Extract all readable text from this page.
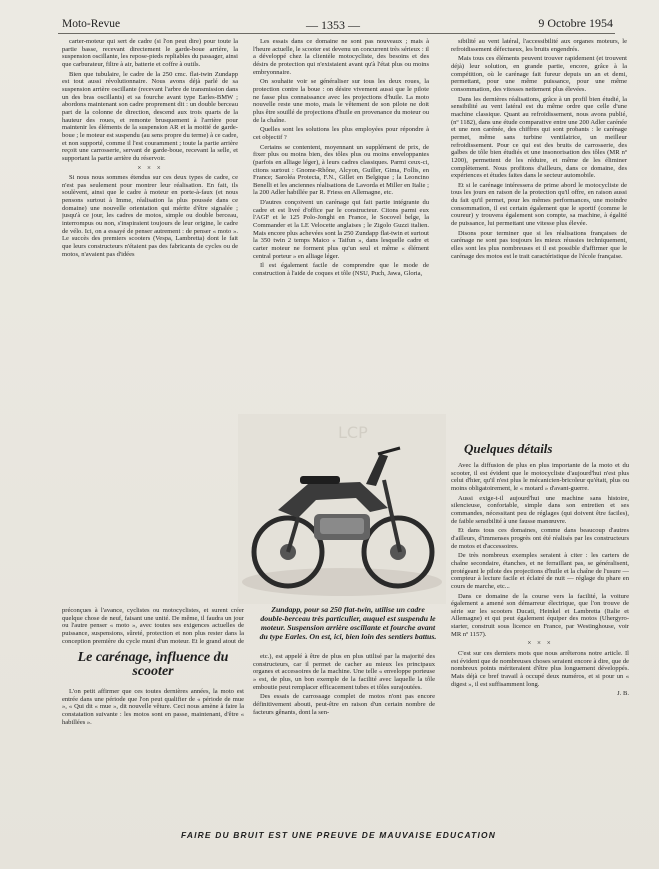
Moto-Revue	— 1353 —	9 Octobre 1954

carter-moteur qui sert de cadre (si l'on peut dire) pour toute la partie basse, recevant directement le garde-boue arrière, la suspension oscillante, les repose-pieds repliables du passager, ainsi que carburateur, filtre à air, batterie et coffre à outils.

Bien que tubulaire, le cadre de la 250 cmc. flat-twin Zundapp est tout aussi révolutionnaire. Nous avons déjà parlé de sa suspension arrière oscillante (recevant l'arbre de transmission dans un des bras oscillants) et sa fourche avant type Earles-BMW ; abordons maintenant son cadre proprement dit : un double berceau part de la colonne de direction, descend aux trois quarts de la hauteur des roues, et remonte brusquement à l'arrière pour maintenir les éléments de la suspension AR et la moitié de garde-boue ; le moteur est suspendu (au sens propre du terme) à ce cadre, et non supporté, comme il l'est couramment ; toute la partie arrière reçoit une carrosserie, servant de garde-boue, recevant la selle, et supportant la partie arrière du réservoir.

× × ×

Si nous nous sommes étendus sur ces deux types de cadre, ce n'est pas seulement pour montrer leur réalisation. En fait, ils soulèvent, ainsi que le cadre à moteur en porte-à-faux (et nous pensons surtout à Imme, réalisation la plus poussée dans ce domaine) une nouvelle orientation qui mérite d'être signalée ; jusqu'à ce jour, les cadres de motos, simple ou double berceau, interrompus ou non, s'inspiraient toujours de leur origine, le cadre de vélo. Ici, on a essayé de penser autrement : de penser « moto ». Le succès des premiers scooters (Vespa, Lambretta) dont le fait que leurs constructeurs n'étaient pas des fabricants de cycles ou de motos, n'avaient pas d'idées

Les essais dans ce domaine ne sont pas nouveaux ; mais à l'heure actuelle, le scooter est devenu un concurrent très sérieux : il a développé chez la clientèle motocycliste, des besoins et des désirs de protection qui n'existaient avant qu'à l'état plus ou moins embryonnaire.

On souhaite voir se généraliser sur tous les deux roues, la protection contre la boue : on désire vivement aussi que le pilote ne fasse plus connaissance avec les projections d'huile. La moto nouvelle reste une moto, mais le vêtement de son pilote ne doit plus être souillé de projections d'huile en provenance du moteur ou de la chaîne.

Quelles sont les solutions les plus employées pour répondre à cet objectif ?

Certains se contentent, moyennant un supplément de prix, de fixer plus ou moins bien, des tôles plus ou moins enveloppantes (parfois en alliage léger), à leurs cadres classiques. Parmi ceux-ci, citons surtout : Gnome-Rhône, Alcyon, Guiller, Gima, Follis, en France; Saroléa Protecta, F.N., Gillet en Belgique ; la Leoncino Benelli et les anciennes réalisations de Lavorda et Miller en Italie ; la 200 Adler habillée par R. Friess en Allemagne, etc.

D'autres conçoivent un carénage qui fait partie intégrante du cadre et est livré d'office par le constructeur. Citons parmi eux l'AGF et le 125 Polo-Jonghi en France, le Socovel belge, la Commander et la LE Velocette anglaises ; le Zigolo Guzzi italien. Mais encore plus achevées sont la 250 Zundapp flat-twin et surtout la 350 twin 2 temps Maico « Taifun », dans lesquelle cadre et carter moteur ne forment plus qu'un seul et même « élément central porteur » en alliage léger.

Il est également facile de comprendre que le mode de construction à l'aide de coques et tôle (NSU, Puch, Jawa, Gloria,

sibilité au vent latéral, l'accessibilité aux organes moteurs, le refroidissement défectueux, les bruits engendrés.

Mais tous ces éléments peuvent trouver rapidement (et trouvent déjà) leur solution, en grande partie, encore, grâce à la compétition, où le carénage fait fureur depuis un an et demi, permettant, pour une même puissance, pour une même consommation, des vitesses nettement plus élevées.

Dans les dernières réalisations, grâce à un profil bien étudié, la sensibilité au vent latéral est du même ordre que celle d'une machine classique. Quant au refroidissement, nous avons publié, (nº 1182), dans une étude comparative entre une 200 Adler carénée et une non carénée, des chiffres qui sont probants : le carénage permet, même sans turbine ventilatrice, un meilleur refroidissement. Pour ce qui est des bruits de carrosserie, des galbes de tôle bien étudiés et une insonorisation des tôles (MR nº 1200), permettent de les réduire, et même de les éliminer complètement. Nous profitons d'ailleurs, dans ce domaine, des expériences et études faites dans le secteur automobile.

Et si le carénage intéressera de prime abord le motocycliste de tous les jours en raison de la protection qu'il offre, en raison aussi du fait qu'il permet, pour les mêmes performances, une moindre consommation, il est certain également que le sportif (comme le coureur) y trouvera également son compte, sa machine, à égalité de puissance, lui permettant une vitesse plus élevée.

Disons pour terminer que si les réalisations françaises de carénage ne sont pas toujours les mieux réussies techniquement, elles sont les plus nombreuses et il est possible d'affirmer que le carénage des motos est le trait caractéristique de l'école française.

LCP
Zundapp, pour sa 250 flat-twin, utilise un cadre double-berceau très particulier, auquel est suspendu le moteur. Suspension arrière oscillante et fourche avant du type Earles. On est, ici, bien loin des sentiers battus.
préconçues à l'avance, cyclistes ou motocyclistes, et surent créer quelque chose de neuf, faisant une unité. De même, il faudra un jour ou l'autre penser « moto », avec toutes ses exigences actuelles de puissance, suspensions, sûreté, protection et non plus rester dans la conception première du cycle muni d'un moteur. Et le grand atout de
Le carénage, influence du scooter

L'on petit affirmer que ces toutes dernières années, la moto est entrée dans une période que l'on peut qualifier de « période de mue », « Qui dit « mue », dit nouvelle vêture. Ceci nous amène à faire la constatation suivante : les motos sont en passe, maintenant, d'être « habillées ».

etc.), est appelé à être de plus en plus utilisé par la majorité des constructeurs, car il permet de cacher au mieux les principaux organes et accessoires de la machine. Une telle « enveloppe porteuse » est, de plus, un bon exemple de la facilité avec laquelle la tôle emboutie peut remplacer efficacement tubes et tôles surajoutées.

Des essais de carrossage complet de motos n'ont pas encore définitivement abouti, peut-être en raison d'un certain nombre de facteurs gênants, dont la sen-

Quelques détails

Avec la diffusion de plus en plus importante de la moto et du scooter, il est évident que le motocycliste d'aujourd'hui n'est plus celui d'hier, qu'il n'est plus le mécanicien-bricoleur qu'était, plus ou moins obligatoirement, le « motard » d'avant-guerre.

Aussi exige-t-il aujourd'hui une machine sans histoire, silencieuse, confortable, simple dans son entretien et ses commandes, nécessitant peu de réglages (qui doivent être faciles), de faible sensibilité à une fausse manœuvre.

Et dans tous ces domaines, comme dans beaucoup d'autres d'ailleurs, d'immenses progrès ont été réalisés par les constructeurs de motos et d'accessoires.

De très nombreux exemples seraient à citer : les carters de chaîne secondaire, étanches, et ne ferraillant pas, se généralisent, protégeant le pilote des projections d'huile et la chaîne de l'usure — compteur à lecture facile et éclairé de nuit — réglage du phare en cours de marche, etc...

Dans ce domaine de la course vers la facilité, la voiture également a amené son démarreur électrique, que l'on trouve de série sur les scooters Ducati, Heinkel et Lambretta (Italie et Allemagne) et qui peut également équiper des motos (Uhergyro-starter, construit sous licence en France, par Westinghouse, voir MR nº 1157).

× × ×

C'est sur ces derniers mots que nous arrêterons notre article. Il est évident que de nombreuses choses seraient encore à dire, que de nombreux points mériteraient d'être plus longuement développés. Mais déjà ce bref travail à occupé deux numéros, et si pour un « digest », il est suffisamment long.

J. B.
FAIRE DU BRUIT EST UNE PREUVE DE MAUVAISE EDUCATION
